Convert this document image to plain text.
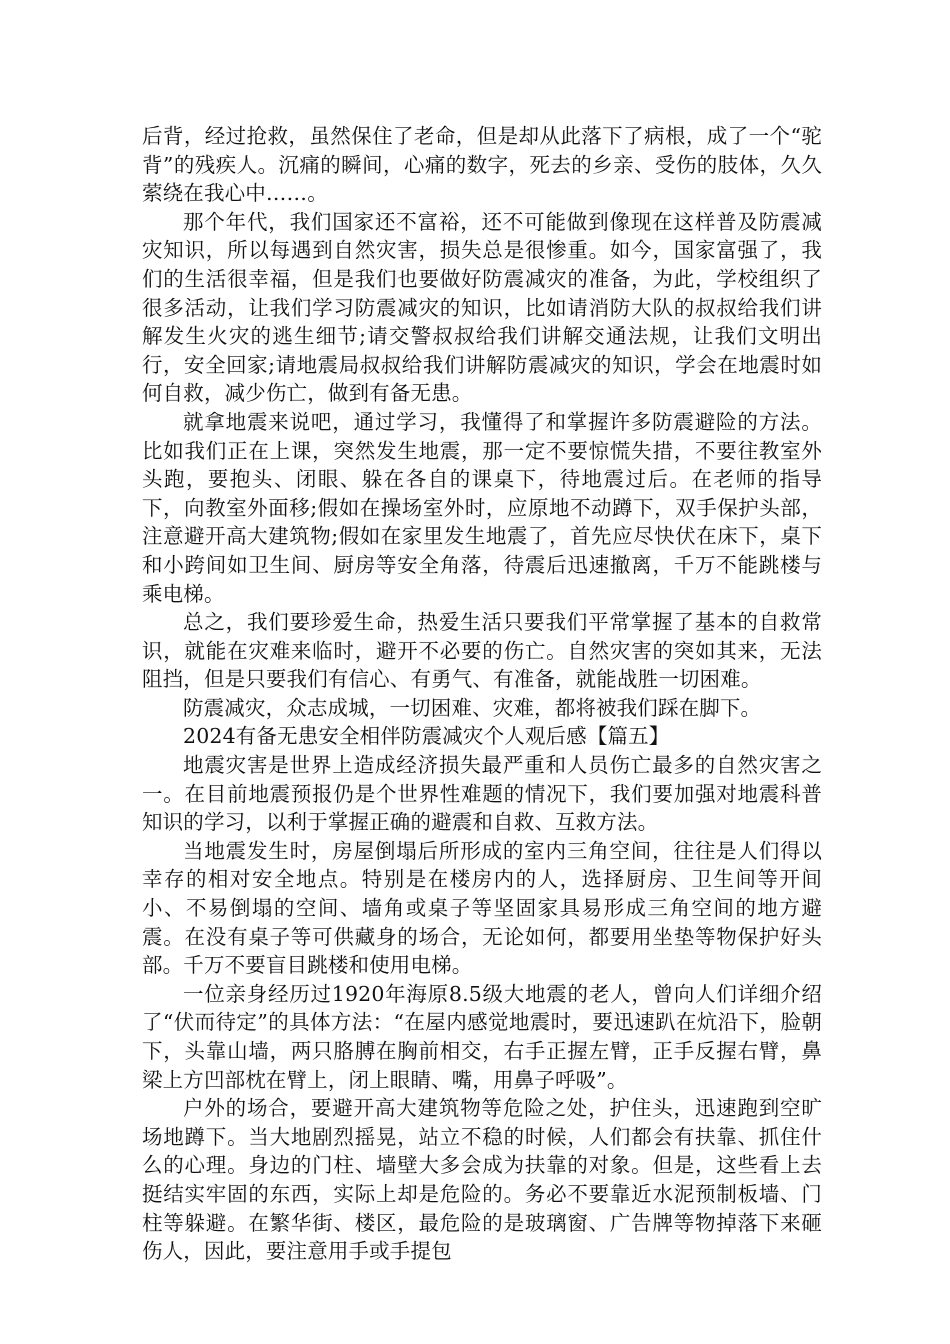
后背，经过抢救，虽然保住了老命，但是却从此落下了病根，成了一个“驼背”的残疾人。沉痛的瞬间，心痛的数字，死去的乡亲、受伤的肢体，久久萦绕在我心中……。

那个年代，我们国家还不富裕，还不可能做到像现在这样普及防震减灾知识，所以每遇到自然灾害，损失总是很惨重。如今，国家富强了，我们的生活很幸福，但是我们也要做好防震减灾的准备，为此，学校组织了很多活动，让我们学习防震减灾的知识，比如请消防大队的叔叔给我们讲解发生火灾的逃生细节;请交警叔叔给我们讲解交通法规，让我们文明出行，安全回家;请地震局叔叔给我们讲解防震减灾的知识，学会在地震时如何自救，减少伤亡，做到有备无患。

就拿地震来说吧，通过学习，我懂得了和掌握许多防震避险的方法。比如我们正在上课，突然发生地震，那一定不要惊慌失措，不要往教室外头跑，要抱头、闭眼、躲在各自的课桌下，待地震过后。在老师的指导下，向教室外面移;假如在操场室外时，应原地不动蹲下，双手保护头部，注意避开高大建筑物;假如在家里发生地震了，首先应尽快伏在床下，桌下和小跨间如卫生间、厨房等安全角落，待震后迅速撤离，千万不能跳楼与乘电梯。

总之，我们要珍爱生命，热爱生活只要我们平常掌握了基本的自救常识，就能在灾难来临时，避开不必要的伤亡。自然灾害的突如其来，无法阻挡，但是只要我们有信心、有勇气、有准备，就能战胜一切困难。

防震减灾，众志成城，一切困难、灾难，都将被我们踩在脚下。

2024有备无患安全相伴防震减灾个人观后感【篇五】

地震灾害是世界上造成经济损失最严重和人员伤亡最多的自然灾害之一。在目前地震预报仍是个世界性难题的情况下，我们要加强对地震科普知识的学习，以利于掌握正确的避震和自救、互救方法。

当地震发生时，房屋倒塌后所形成的室内三角空间，往往是人们得以幸存的相对安全地点。特别是在楼房内的人，选择厨房、卫生间等开间小、不易倒塌的空间、墙角或桌子等坚固家具易形成三角空间的地方避震。在没有桌子等可供藏身的场合，无论如何，都要用坐垫等物保护好头部。千万不要盲目跳楼和使用电梯。

一位亲身经历过1920年海原8.5级大地震的老人，曾向人们详细介绍了“伏而待定”的具体方法：“在屋内感觉地震时，要迅速趴在炕沿下，脸朝下，头靠山墙，两只胳膊在胸前相交，右手正握左臂，正手反握右臂，鼻梁上方凹部枕在臂上，闭上眼睛、嘴，用鼻子呼吸”。

户外的场合，要避开高大建筑物等危险之处，护住头，迅速跑到空旷场地蹲下。当大地剧烈摇晃，站立不稳的时候，人们都会有扶靠、抓住什么的心理。身边的门柱、墙壁大多会成为扶靠的对象。但是，这些看上去挺结实牢固的东西，实际上却是危险的。务必不要靠近水泥预制板墙、门柱等躲避。在繁华街、楼区，最危险的是玻璃窗、广告牌等物掉落下来砸伤人，因此，要注意用手或手提包
